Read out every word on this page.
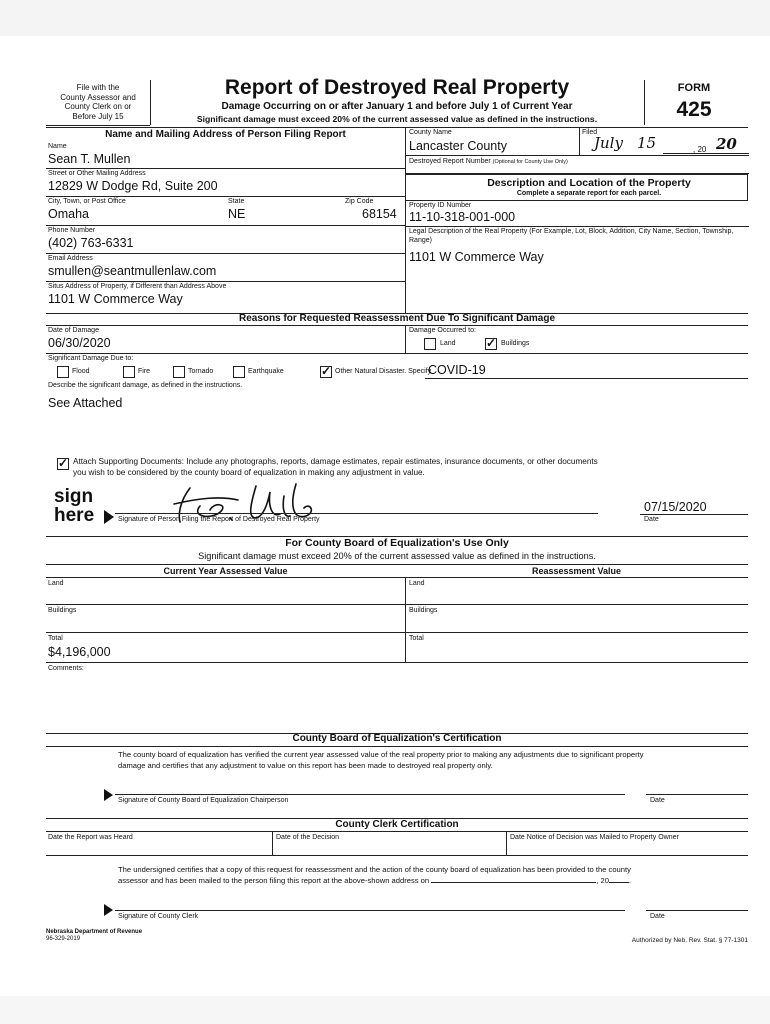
File with the
County Assessor and
County Clerk on or
Before July 15
Report of Destroyed Real Property
Damage Occurring on or after January 1 and before July 1 of Current Year
Significant damage must exceed 20% of the current assessed value as defined in the instructions.
FORM
425
Name and Mailing Address of Person Filing Report
Name
Sean T. Mullen
Street or Other Mailing Address
12829 W Dodge Rd, Suite 200
City, Town, or Post Office	State	Zip Code
Omaha	NE	68154
Phone Number
(402) 763-6331
Email Address
smullen@seantmullenlaw.com
Situs Address of Property, if Different than Address Above
1101 W Commerce Way
County Name
Lancaster County
Filed
July 15	, 20 20
Destroyed Report Number (Optional for County Use Only)
Description and Location of the Property
Complete a separate report for each parcel.
Property ID Number
11-10-318-001-000
Legal Description of the Real Property (For Example, Lot, Block, Addition, City Name, Section, Township, Range)
1101 W Commerce Way
Reasons for Requested Reassessment Due To Significant Damage
Date of Damage
06/30/2020
Damage Occurred to:
Land ✓	Buildings
Significant Damage Due to:
Flood	Fire	Tornado	Earthquake ✓	Other Natural Disaster. Specify
COVID-19
Describe the significant damage, as defined in the instructions.
See Attached
✓
Attach Supporting Documents: Include any photographs, reports, damage estimates, repair estimates, insurance documents, or other documents
you wish to be considered by the county board of equalization in making any adjustment in value.
sign
here	Signature of Person Filing the Report of Destroyed Real Property
07/15/2020
Date
For County Board of Equalization's Use Only
Significant damage must exceed 20% of the current assessed value as defined in the instructions.
Current Year Assessed Value	Reassessment Value
Land	Land
Buildings	Buildings
Total
$4,196,000
Total
Comments:
County Board of Equalization's Certification
The county board of equalization has verified the current year assessed value of the real property prior to making any adjustments due to significant property
damage and certifies that any adjustment to value on this report has been made to destroyed real property only.
Signature of County Board of Equalization Chairperson	Date
County Clerk Certification
Date the Report was Heard	Date of the Decision	Date Notice of Decision was Mailed to Property Owner
The undersigned certifies that a copy of this request for reassessment and the action of the county board of equalization has been provided to the county
assessor and has been mailed to the person filing this report at the above-shown address on	, 20	.
Signature of County Clerk	Date
Nebraska Department of Revenue
96-329-2019	Authorized by Neb. Rev. Stat. § 77-1301
